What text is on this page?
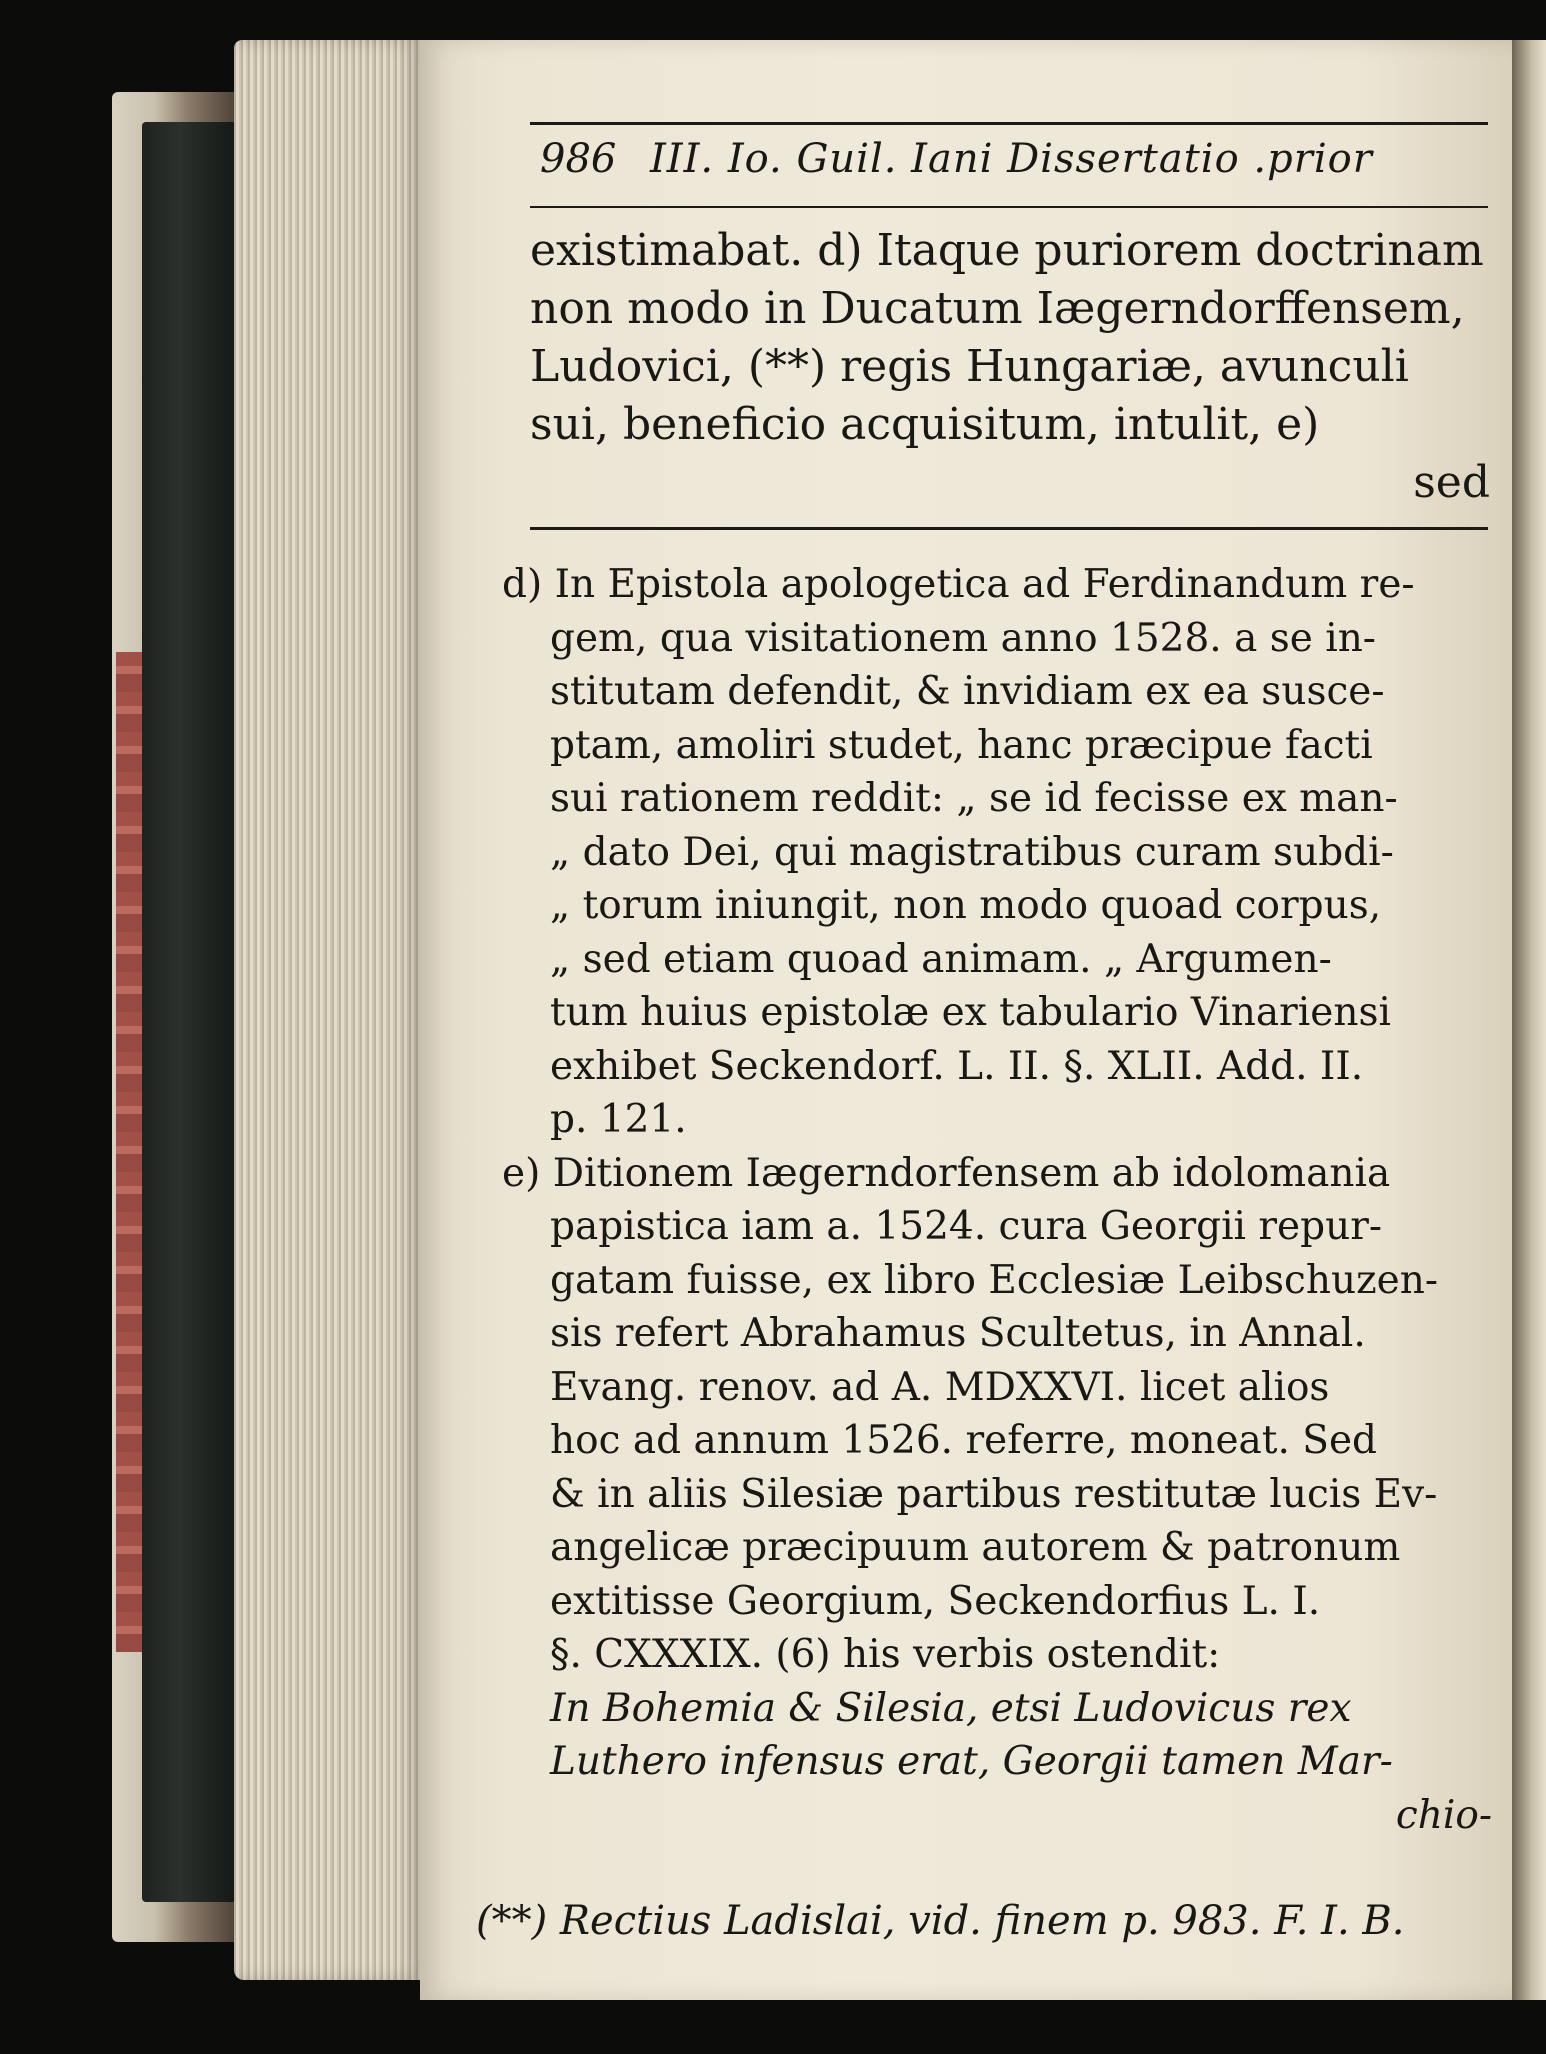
986 III. Io. Guil. Iani Dissertatio .prior
existimabat. d) Itaque puriorem doctrinam
non modo in Ducatum Iægerndorffensem,
Ludovici, (**) regis Hungariæ, avunculi
sui, beneficio acquisitum, intulit, e)
sed
d) In Epistola apologetica ad Ferdinandum re-
gem, qua visitationem anno 1528. a se in-
stitutam defendit, & invidiam ex ea susce-
ptam, amoliri studet, hanc præcipue facti
sui rationem reddit: „ se id fecisse ex man-
„ dato Dei, qui magistratibus curam subdi-
„ torum iniungit, non modo quoad corpus,
„ sed etiam quoad animam. „ Argumen-
tum huius epistolæ ex tabulario Vinariensi
exhibet Seckendorf. L. II. §. XLII. Add. II.
p. 121.
e) Ditionem Iægerndorfensem ab idolomania
papistica iam a. 1524. cura Georgii repur-
gatam fuisse, ex libro Ecclesiæ Leibschuzen-
sis refert Abrahamus Scultetus, in Annal.
Evang. renov. ad A. MDXXVI. licet alios
hoc ad annum 1526. referre, moneat. Sed
& in aliis Silesiæ partibus restitutæ lucis Ev-
angelicæ præcipuum autorem & patronum
extitisse Georgium, Seckendorfius L. I.
§. CXXXIX. (6) his verbis ostendit:
In Bohemia & Silesia, etsi Ludovicus rex
Luthero infensus erat, Georgii tamen Mar-
chio-
(**) Rectius Ladislai, vid. finem p. 983. F. I. B.
